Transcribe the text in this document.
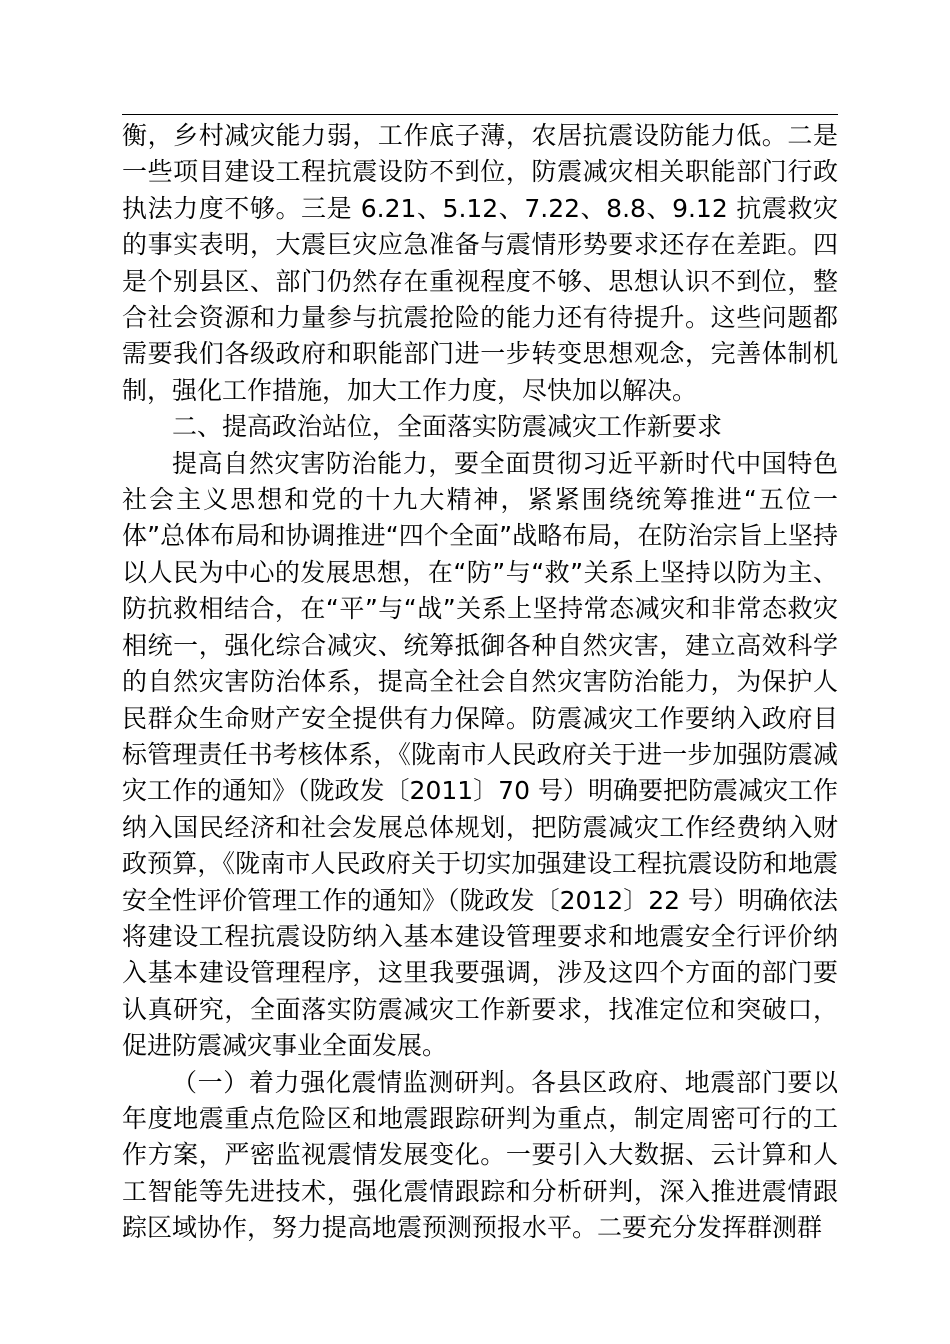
衡，乡村减灾能力弱，工作底子薄，农居抗震设防能力低。二是一些项目建设工程抗震设防不到位，防震减灾相关职能部门行政执法力度不够。三是 6.21、5.12、7.22、8.8、9.12 抗震救灾的事实表明，大震巨灾应急准备与震情形势要求还存在差距。四是个别县区、部门仍然存在重视程度不够、思想认识不到位，整合社会资源和力量参与抗震抢险的能力还有待提升。这些问题都需要我们各级政府和职能部门进一步转变思想观念，完善体制机制，强化工作措施，加大工作力度，尽快加以解决。

二、提高政治站位，全面落实防震减灾工作新要求

提高自然灾害防治能力，要全面贯彻习近平新时代中国特色社会主义思想和党的十九大精神，紧紧围绕统筹推进“五位一体”总体布局和协调推进“四个全面”战略布局，在防治宗旨上坚持以人民为中心的发展思想，在“防”与“救”关系上坚持以防为主、防抗救相结合，在“平”与“战”关系上坚持常态减灾和非常态救灾相统一，强化综合减灾、统筹抵御各种自然灾害，建立高效科学的自然灾害防治体系，提高全社会自然灾害防治能力，为保护人民群众生命财产安全提供有力保障。防震减灾工作要纳入政府目标管理责任书考核体系，《陇南市人民政府关于进一步加强防震减灾工作的通知》（陇政发〔2011〕70 号）明确要把防震减灾工作纳入国民经济和社会发展总体规划，把防震减灾工作经费纳入财政预算，《陇南市人民政府关于切实加强建设工程抗震设防和地震安全性评价管理工作的通知》（陇政发〔2012〕22 号）明确依法将建设工程抗震设防纳入基本建设管理要求和地震安全行评价纳入基本建设管理程序，这里我要强调，涉及这四个方面的部门要认真研究，全面落实防震减灾工作新要求，找准定位和突破口，促进防震减灾事业全面发展。

（一）着力强化震情监测研判。各县区政府、地震部门要以年度地震重点危险区和地震跟踪研判为重点，制定周密可行的工作方案，严密监视震情发展变化。一要引入大数据、云计算和人工智能等先进技术，强化震情跟踪和分析研判，深入推进震情跟踪区域协作，努力提高地震预测预报水平。二要充分发挥群测群
